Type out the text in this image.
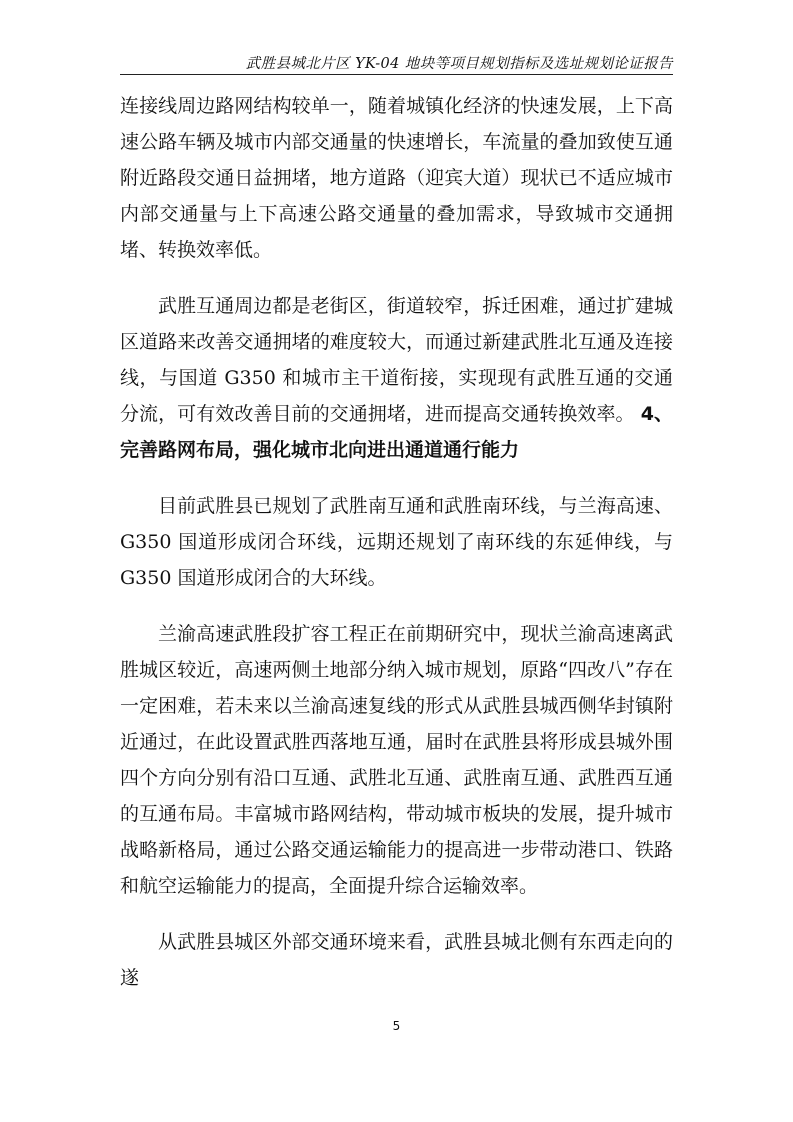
武胜县城北片区 YK-04 地块等项目规划指标及选址规划论证报告

连接线周边路网结构较单一，随着城镇化经济的快速发展，上下高速公路车辆及城市内部交通量的快速增长，车流量的叠加致使互通附近路段交通日益拥堵，地方道路（迎宾大道）现状已不适应城市内部交通量与上下高速公路交通量的叠加需求，导致城市交通拥堵、转换效率低。

武胜互通周边都是老街区，街道较窄，拆迁困难，通过扩建城区道路来改善交通拥堵的难度较大，而通过新建武胜北互通及连接线，与国道 G350 和城市主干道衔接，实现现有武胜互通的交通分流，可有效改善目前的交通拥堵，进而提高交通转换效率。 4、完善路网布局，强化城市北向进出通道通行能力

目前武胜县已规划了武胜南互通和武胜南环线，与兰海高速、G350 国道形成闭合环线，远期还规划了南环线的东延伸线，与 G350 国道形成闭合的大环线。

兰渝高速武胜段扩容工程正在前期研究中，现状兰渝高速离武胜城区较近，高速两侧土地部分纳入城市规划，原路“四改八”存在一定困难，若未来以兰渝高速复线的形式从武胜县城西侧华封镇附近通过，在此设置武胜西落地互通，届时在武胜县将形成县城外围四个方向分别有沿口互通、武胜北互通、武胜南互通、武胜西互通的互通布局。丰富城市路网结构，带动城市板块的发展，提升城市战略新格局，通过公路交通运输能力的提高进一步带动港口、铁路和航空运输能力的提高，全面提升综合运输效率。

从武胜县城区外部交通环境来看，武胜县城北侧有东西走向的遂

5
